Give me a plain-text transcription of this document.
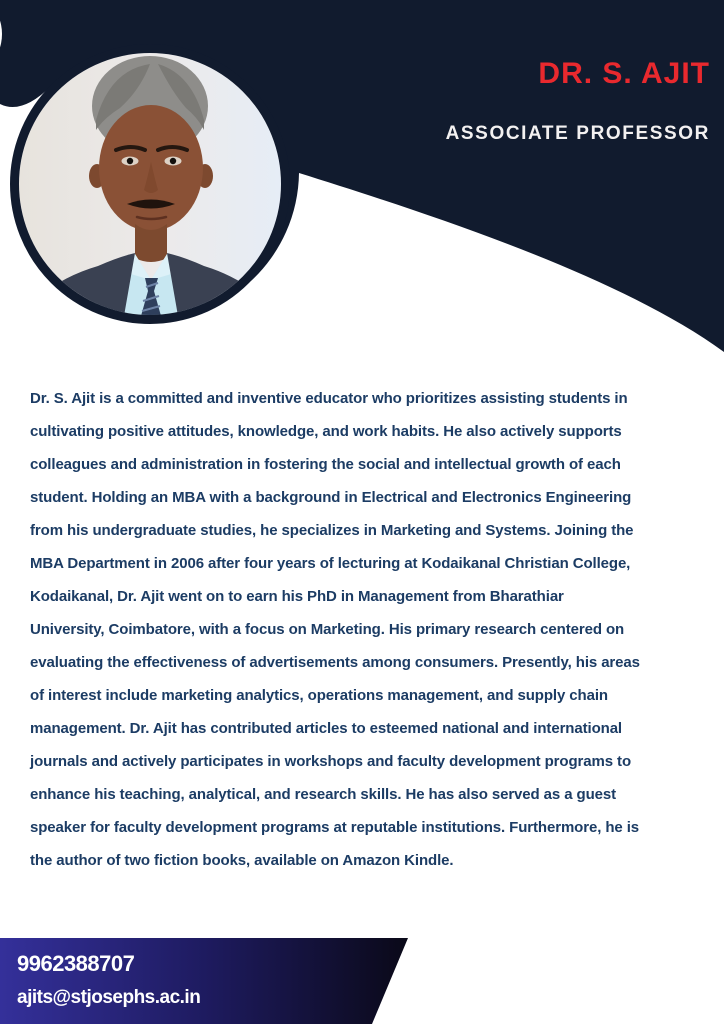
DR. S. AJIT
ASSOCIATE PROFESSOR
Dr. S. Ajit is a committed and inventive educator who prioritizes assisting students in
cultivating positive attitudes, knowledge, and work habits. He also actively supports
colleagues and administration in fostering the social and intellectual growth of each
student. Holding an MBA with a background in Electrical and Electronics Engineering
from his undergraduate studies, he specializes in Marketing and Systems. Joining the
MBA Department in 2006 after four years of lecturing at Kodaikanal Christian College,
Kodaikanal, Dr. Ajit went on to earn his PhD in Management from Bharathiar
University, Coimbatore, with a focus on Marketing. His primary research centered on
evaluating the effectiveness of advertisements among consumers. Presently, his areas
of interest include marketing analytics, operations management, and supply chain
management. Dr. Ajit has contributed articles to esteemed national and international
journals and actively participates in workshops and faculty development programs to
enhance his teaching, analytical, and research skills. He has also served as a guest
speaker for faculty development programs at reputable institutions. Furthermore, he is
the author of two fiction books, available on Amazon Kindle.
9962388707
ajits@stjosephs.ac.in
